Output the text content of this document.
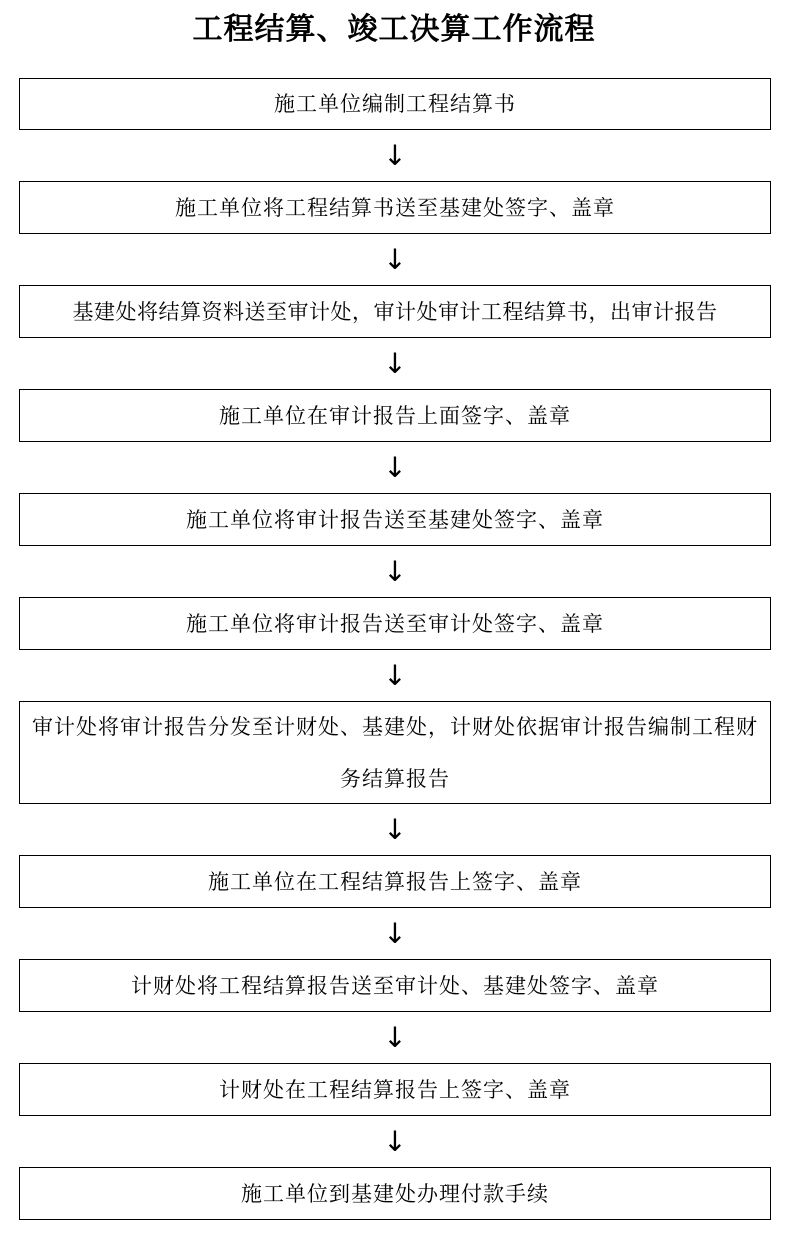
工程结算、竣工决算工作流程
施工单位编制工程结算书
↓
施工单位将工程结算书送至基建处签字、盖章
↓
基建处将结算资料送至审计处，审计处审计工程结算书，出审计报告
↓
施工单位在审计报告上面签字、盖章
↓
施工单位将审计报告送至基建处签字、盖章
↓
施工单位将审计报告送至审计处签字、盖章
↓
审计处将审计报告分发至计财处、基建处，计财处依据审计报告编制工程财务结算报告
↓
施工单位在工程结算报告上签字、盖章
↓
计财处将工程结算报告送至审计处、基建处签字、盖章
↓
计财处在工程结算报告上签字、盖章
↓
施工单位到基建处办理付款手续
